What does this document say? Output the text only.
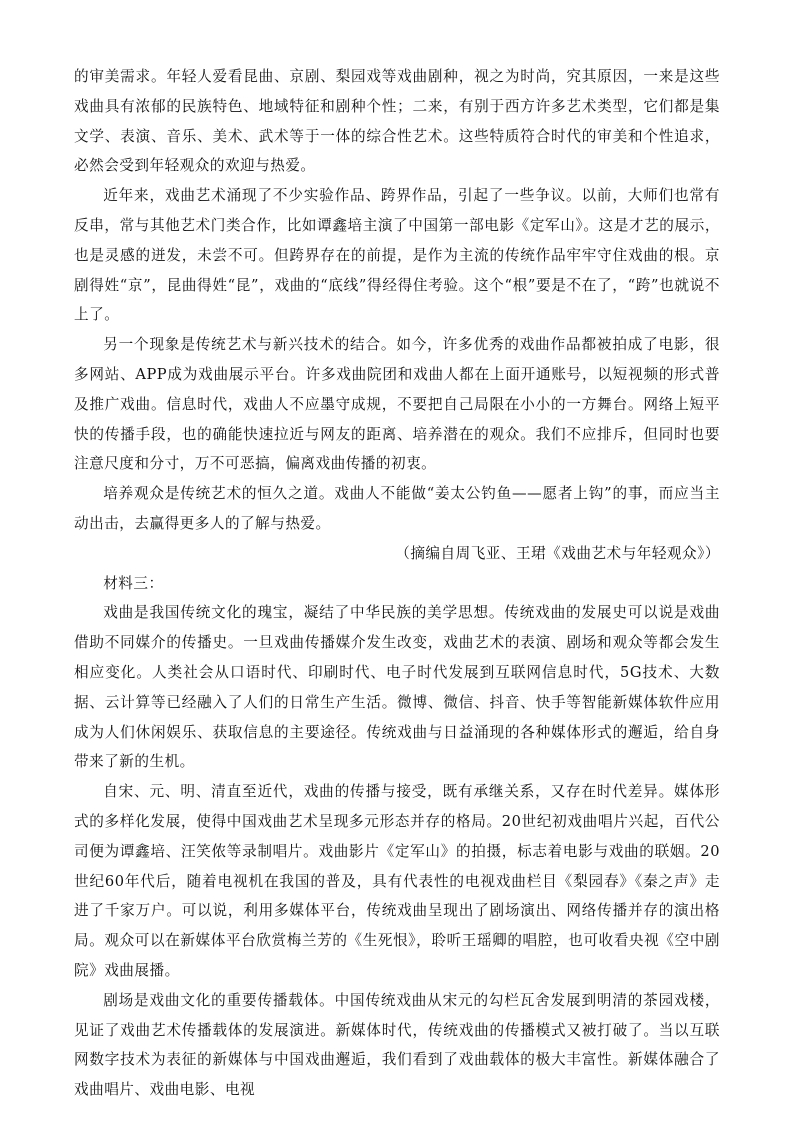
的审美需求。年轻人爱看昆曲、京剧、梨园戏等戏曲剧种，视之为时尚，究其原因，一来是这些戏曲具有浓郁的民族特色、地域特征和剧种个性；二来，有别于西方许多艺术类型，它们都是集文学、表演、音乐、美术、武术等于一体的综合性艺术。这些特质符合时代的审美和个性追求，必然会受到年轻观众的欢迎与热爱。

近年来，戏曲艺术涌现了不少实验作品、跨界作品，引起了一些争议。以前，大师们也常有反串，常与其他艺术门类合作，比如谭鑫培主演了中国第一部电影《定军山》。这是才艺的展示，也是灵感的迸发，未尝不可。但跨界存在的前提，是作为主流的传统作品牢牢守住戏曲的根。京剧得姓“京”，昆曲得姓“昆”，戏曲的“底线”得经得住考验。这个“根”要是不在了，“跨”也就说不上了。

另一个现象是传统艺术与新兴技术的结合。如今，许多优秀的戏曲作品都被拍成了电影，很多网站、APP成为戏曲展示平台。许多戏曲院团和戏曲人都在上面开通账号，以短视频的形式普及推广戏曲。信息时代，戏曲人不应墨守成规，不要把自己局限在小小的一方舞台。网络上短平快的传播手段，也的确能快速拉近与网友的距离、培养潜在的观众。我们不应排斥，但同时也要注意尺度和分寸，万不可恶搞，偏离戏曲传播的初衷。

培养观众是传统艺术的恒久之道。戏曲人不能做“姜太公钓鱼——愿者上钩”的事，而应当主动出击，去赢得更多人的了解与热爱。

（摘编自周飞亚、王珺《戏曲艺术与年轻观众》）

材料三：

戏曲是我国传统文化的瑰宝，凝结了中华民族的美学思想。传统戏曲的发展史可以说是戏曲借助不同媒介的传播史。一旦戏曲传播媒介发生改变，戏曲艺术的表演、剧场和观众等都会发生相应变化。人类社会从口语时代、印刷时代、电子时代发展到互联网信息时代，5G技术、大数据、云计算等已经融入了人们的日常生产生活。微博、微信、抖音、快手等智能新媒体软件应用成为人们休闲娱乐、获取信息的主要途径。传统戏曲与日益涌现的各种媒体形式的邂逅，给自身带来了新的生机。

自宋、元、明、清直至近代，戏曲的传播与接受，既有承继关系，又存在时代差异。媒体形式的多样化发展，使得中国戏曲艺术呈现多元形态并存的格局。20世纪初戏曲唱片兴起，百代公司便为谭鑫培、汪笑侬等录制唱片。戏曲影片《定军山》的拍摄，标志着电影与戏曲的联姻。20世纪60年代后，随着电视机在我国的普及，具有代表性的电视戏曲栏目《梨园春》《秦之声》走进了千家万户。可以说，利用多媒体平台，传统戏曲呈现出了剧场演出、网络传播并存的演出格局。观众可以在新媒体平台欣赏梅兰芳的《生死恨》，聆听王瑶卿的唱腔，也可收看央视《空中剧院》戏曲展播。

剧场是戏曲文化的重要传播载体。中国传统戏曲从宋元的勾栏瓦舍发展到明清的茶园戏楼，见证了戏曲艺术传播载体的发展演进。新媒体时代，传统戏曲的传播模式又被打破了。当以互联网数字技术为表征的新媒体与中国戏曲邂逅，我们看到了戏曲载体的极大丰富性。新媒体融合了戏曲唱片、戏曲电影、电视
